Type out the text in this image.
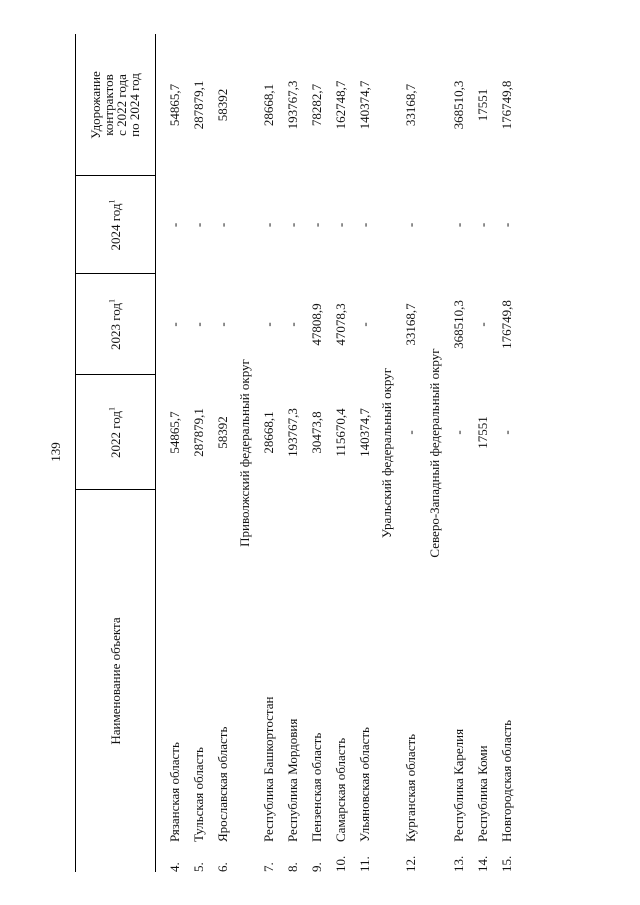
139
Наименование объекта
2022 год$^1$
2023 год$^1$
2024 год$^1$
Удорожание
контрактов
с 2022 года
по 2024 год
4.
Рязанская область
54865,7
-
-
54865,7
5.
Тульская область
287879,1
-
-
287879,1
6.
Ярославская область
58392
-
-
58392
Приволжский федеральный округ
7.
Республика Башкортостан
28668,1
-
-
28668,1
8.
Республика Мордовия
193767,3
-
-
193767,3
9.
Пензенская область
30473,8
47808,9
-
78282,7
10.
Самарская область
115670,4
47078,3
-
162748,7
11.
Ульяновская область
140374,7
-
-
140374,7
Уральский федеральный округ
12.
Курганская область
-
33168,7
-
33168,7
Северо-Западный федеральный округ
13.
Республика Карелия
-
368510,3
-
368510,3
14.
Республика Коми
17551
-
-
17551
15.
Новгородская область
-
176749,8
-
176749,8
